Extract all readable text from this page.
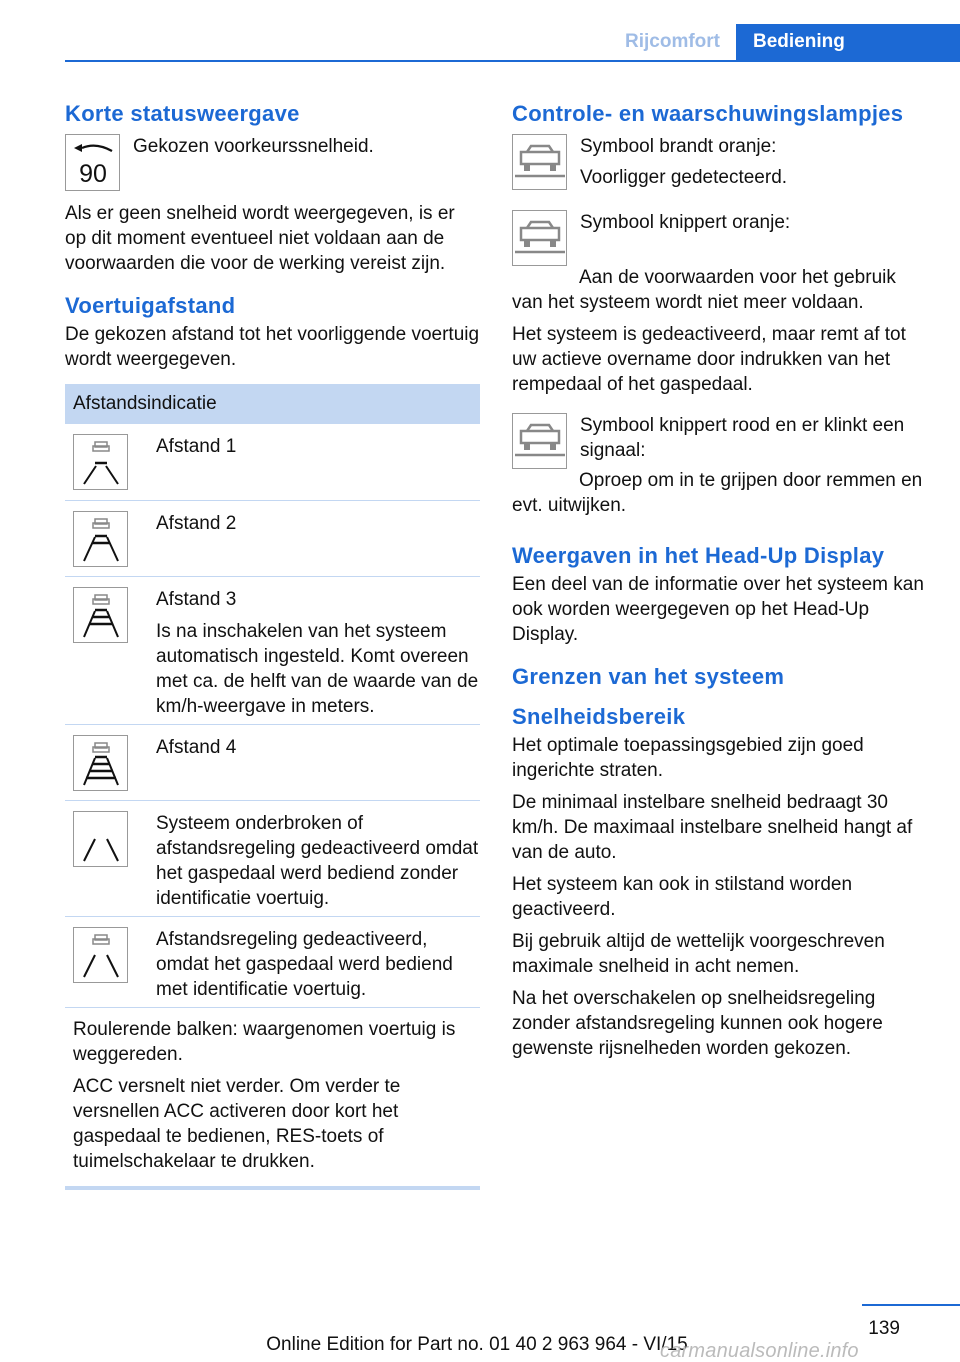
Rijcomfort	Bediening
Korte statusweergave
90

Gekozen voorkeurssnelheid.

Als er geen snelheid wordt weergegeven, is er op dit moment eventueel niet voldaan aan de voorwaarden die voor de werking vereist zijn.

Voertuigafstand

De gekozen afstand tot het voorliggende voertuig wordt weergegeven.

Afstandsindicatie
Afstand 1
Afstand 2
Afstand 3
Is na inschakelen van het systeem automatisch ingesteld. Komt overeen met ca. de helft van de waarde van de km/h-weergave in meters.
Afstand 4
Systeem onderbroken of afstandsregeling gedeactiveerd omdat het gaspedaal werd bediend zonder identificatie voertuig.
Afstandsregeling gedeactiveerd, omdat het gaspedaal werd bediend met identificatie voertuig.
Roulerende balken: waargenomen voertuig is weggereden.
ACC versnelt niet verder. Om verder te versnellen ACC activeren door kort het gaspedaal te bedienen, RES-toets of tuimelschakelaar te drukken.
Controle- en waarschuwingslampjes

Symbool brandt oranje:

Voorligger gedetecteerd.

Symbool knippert oranje:

Aan de voorwaarden voor het gebruik van het systeem wordt niet meer voldaan.

Het systeem is gedeactiveerd, maar remt af tot uw actieve overname door indrukken van het rempedaal of het gaspedaal.

Symbool knippert rood en er klinkt een signaal:

Oproep om in te grijpen door remmen en evt. uitwijken.

Weergaven in het Head-Up Display

Een deel van de informatie over het systeem kan ook worden weergegeven op het Head-Up Display.

Grenzen van het systeem
Snelheidsbereik

Het optimale toepassingsgebied zijn goed ingerichte straten.

De minimaal instelbare snelheid bedraagt 30 km/h. De maximaal instelbare snelheid hangt af van de auto.

Het systeem kan ook in stilstand worden geactiveerd.

Bij gebruik altijd de wettelijk voorgeschreven maximale snelheid in acht nemen.

Na het overschakelen op snelheidsregeling zonder afstandsregeling kunnen ook hogere gewenste rijsnelheden worden gekozen.

139
Online Edition for Part no. 01 40 2 963 964 - VI/15
carmanualsonline.info
